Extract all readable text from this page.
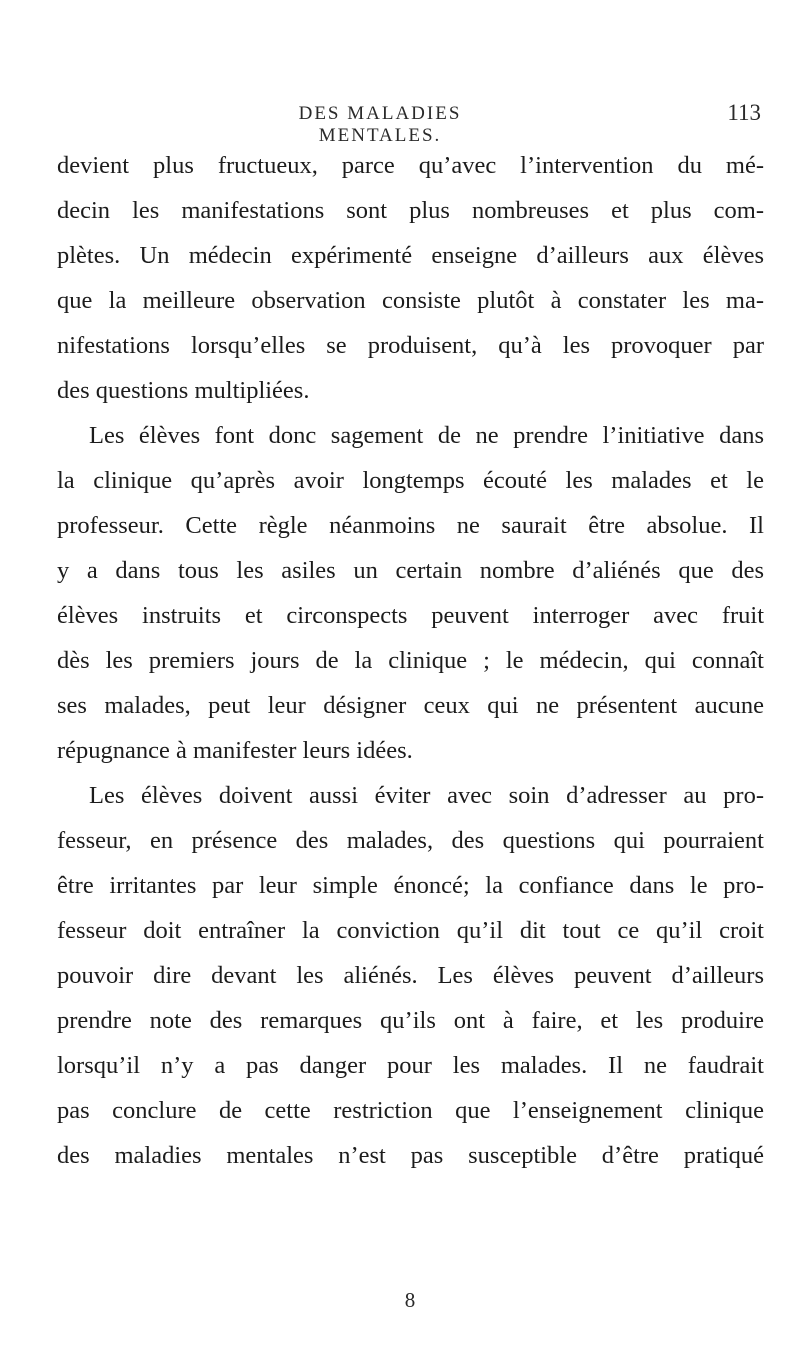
DES MALADIES MENTALES.
113
devient plus fructueux, parce qu’avec l’intervention du mé-
decin les manifestations sont plus nombreuses et plus com-
plètes. Un médecin expérimenté enseigne d’ailleurs aux élèves
que la meilleure observation consiste plutôt à constater les ma-
nifestations lorsqu’elles se produisent, qu’à les provoquer par
des questions multipliées.
Les élèves font donc sagement de ne prendre l’initiative dans
la clinique qu’après avoir longtemps écouté les malades et le
professeur. Cette règle néanmoins ne saurait être absolue. Il
y a dans tous les asiles un certain nombre d’aliénés que des
élèves instruits et circonspects peuvent interroger avec fruit
dès les premiers jours de la clinique ; le médecin, qui connaît
ses malades, peut leur désigner ceux qui ne présentent aucune
répugnance à manifester leurs idées.
Les élèves doivent aussi éviter avec soin d’adresser au pro-
fesseur, en présence des malades, des questions qui pourraient
être irritantes par leur simple énoncé; la confiance dans le pro-
fesseur doit entraîner la conviction qu’il dit tout ce qu’il croit
pouvoir dire devant les aliénés. Les élèves peuvent d’ailleurs
prendre note des remarques qu’ils ont à faire, et les produire
lorsqu’il n’y a pas danger pour les malades. Il ne faudrait
pas conclure de cette restriction que l’enseignement clinique
des maladies mentales n’est pas susceptible d’être pratiqué
8
